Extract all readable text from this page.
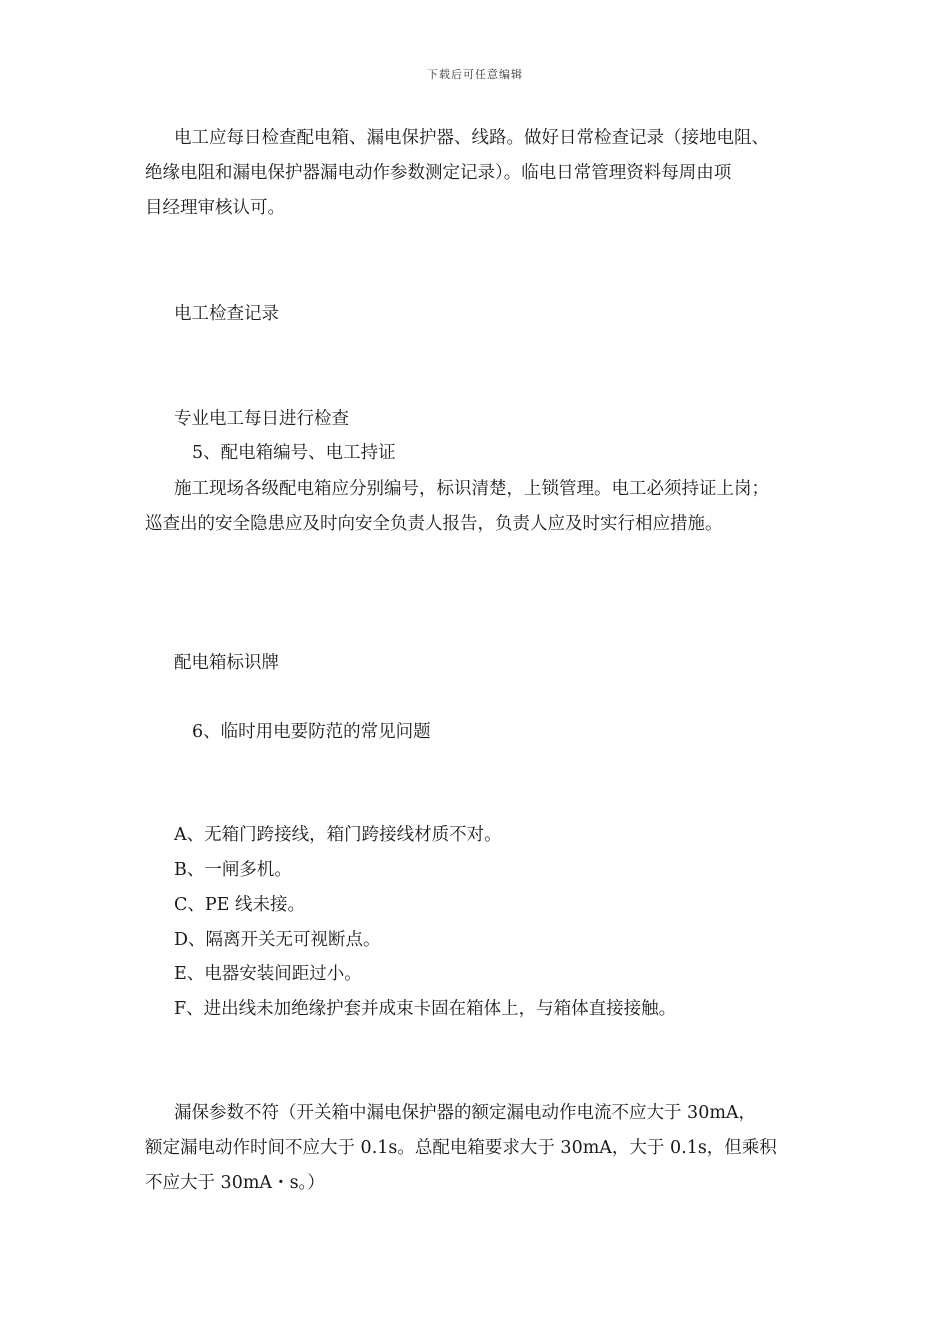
下载后可任意编辑
电工应每日检查配电箱、漏电保护器、线路。做好日常检查记录（接地电阻、
绝缘电阻和漏电保护器漏电动作参数测定记录）。临电日常管理资料每周由项
目经理审核认可。
电工检查记录
专业电工每日进行检查
5、配电箱编号、电工持证
施工现场各级配电箱应分别编号，标识清楚，上锁管理。电工必须持证上岗；
巡查出的安全隐患应及时向安全负责人报告，负责人应及时实行相应措施。
配电箱标识牌
6、临时用电要防范的常见问题
A、无箱门跨接线，箱门跨接线材质不对。
B、一闸多机。
C、PE 线未接。
D、隔离开关无可视断点。
E、电器安装间距过小。
F、进出线未加绝缘护套并成束卡固在箱体上，与箱体直接接触。
漏保参数不符（开关箱中漏电保护器的额定漏电动作电流不应大于 30mA，
额定漏电动作时间不应大于 0.1s。总配电箱要求大于 30mA，大于 0.1s，但乘积
不应大于 30mA・s。）
